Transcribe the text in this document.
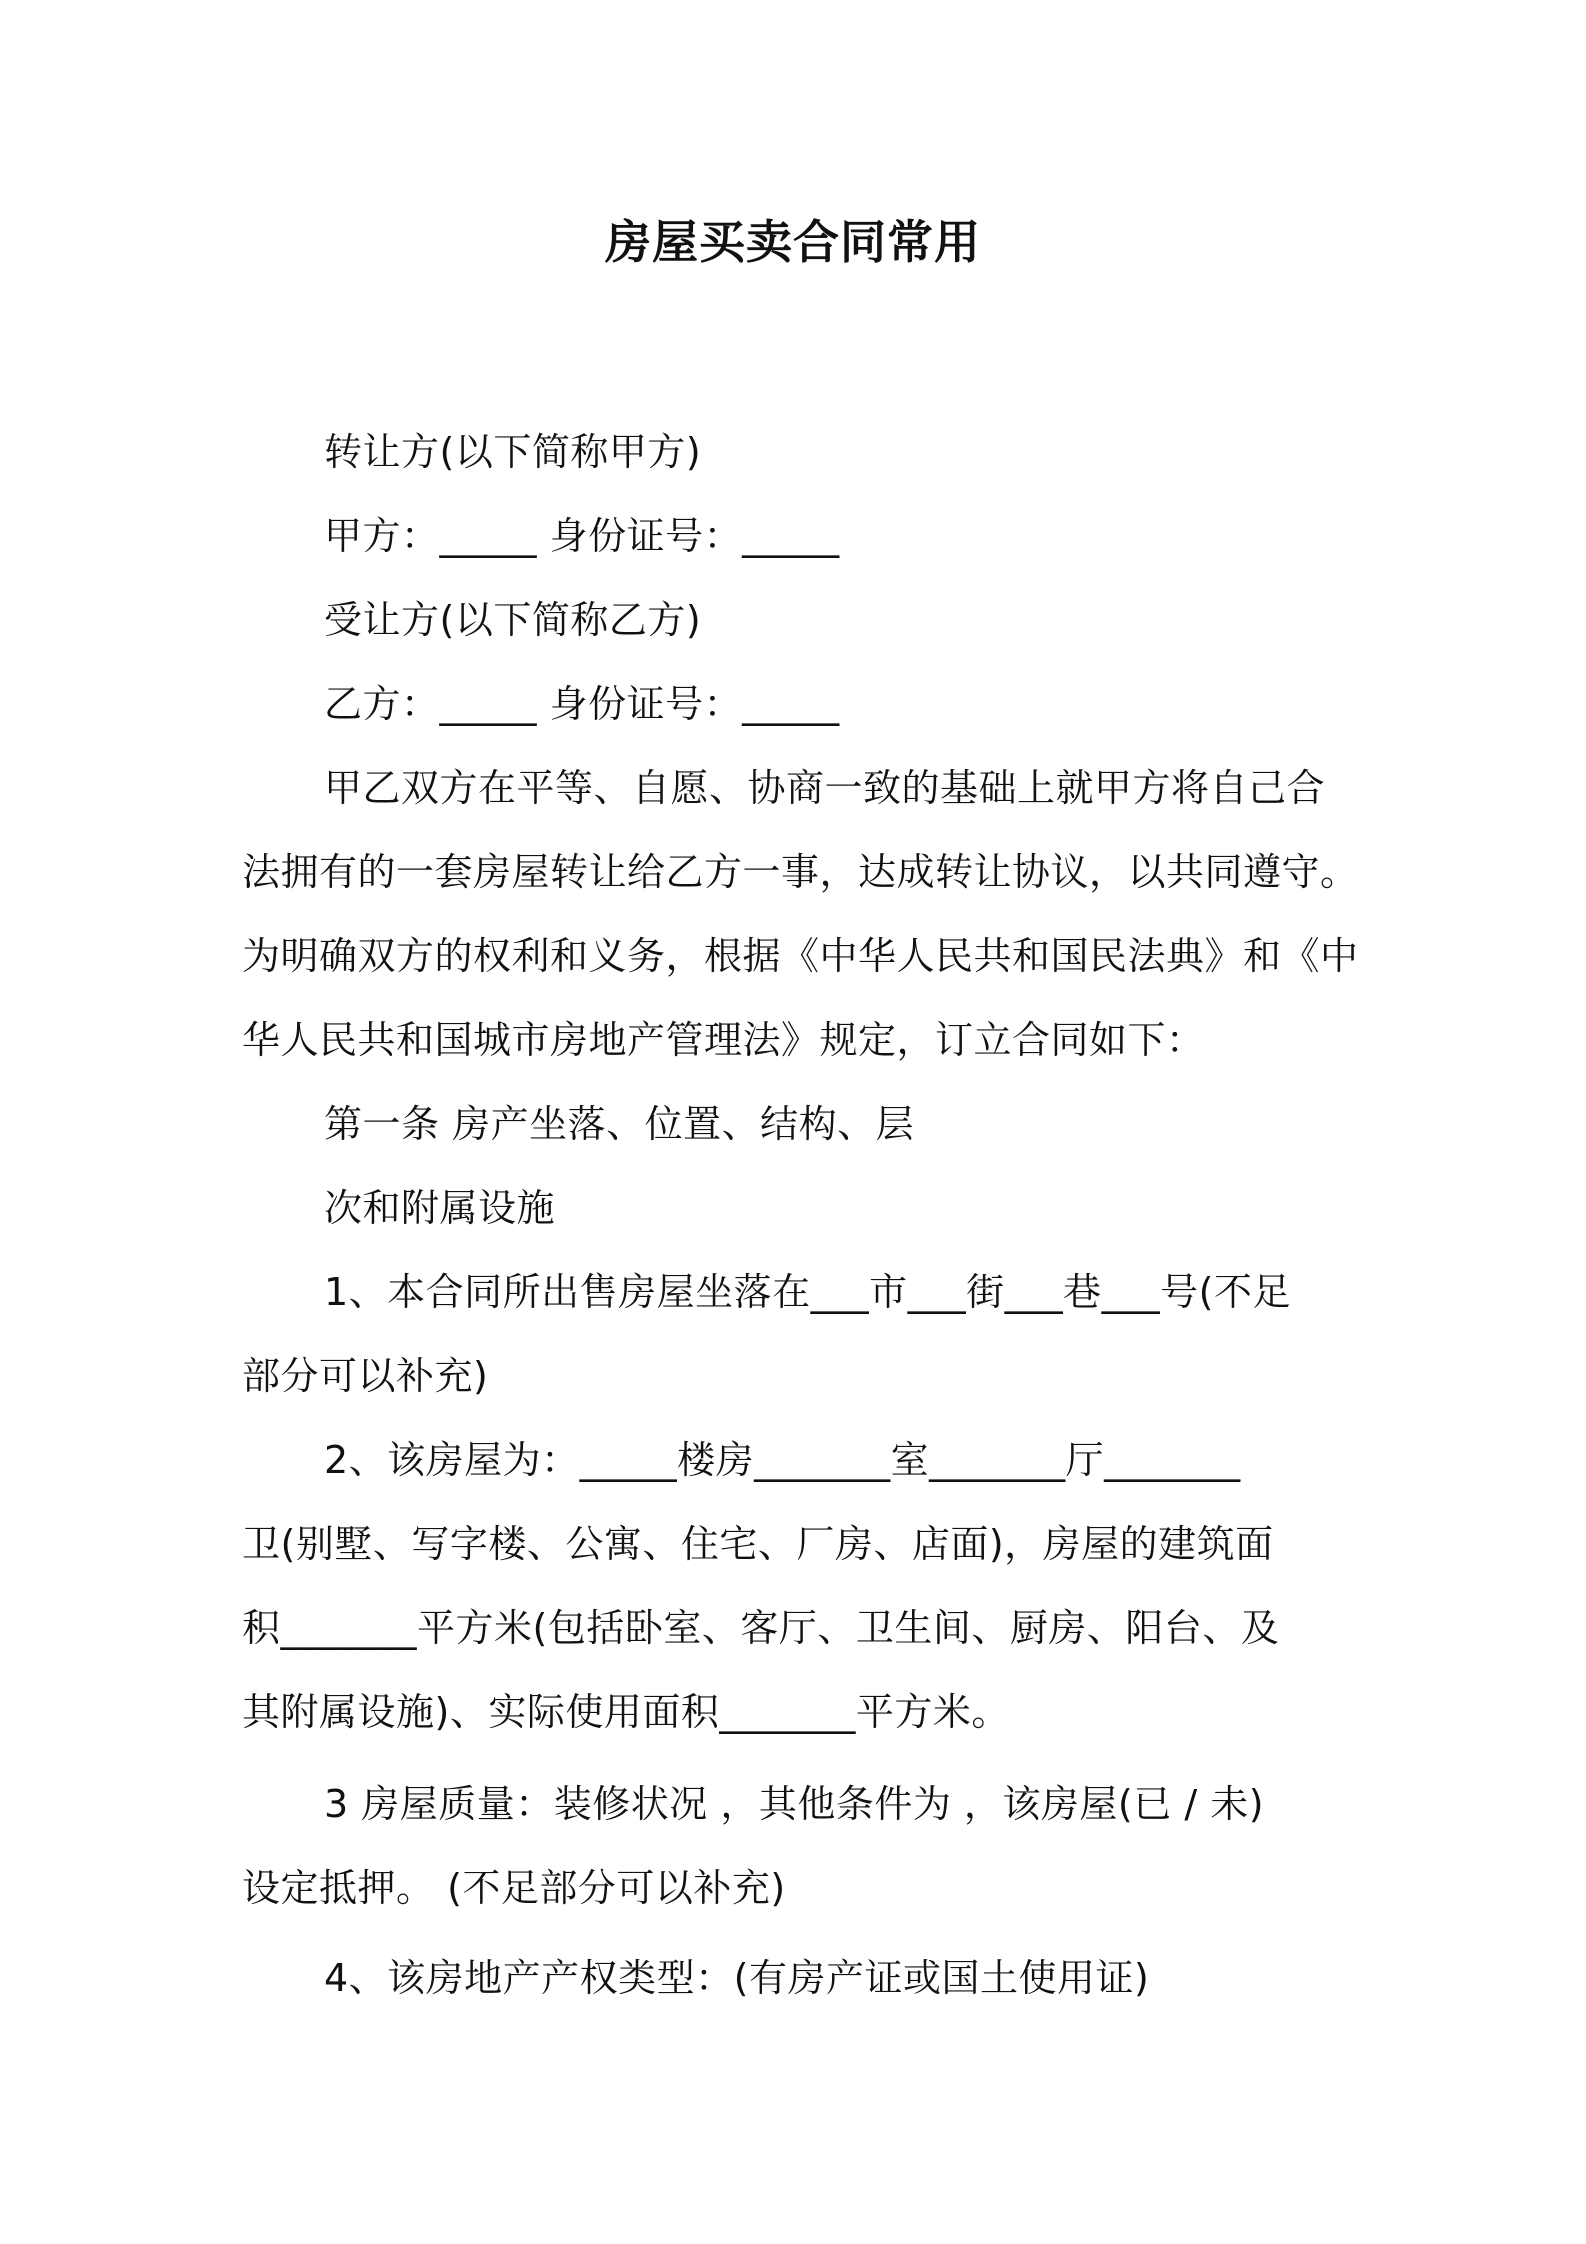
房屋买卖合同常用
转让方(以下简称甲方)
甲方：_____ 身份证号：_____
受让方(以下简称乙方)
乙方：_____ 身份证号：_____
甲乙双方在平等、自愿、协商一致的基础上就甲方将自己合
法拥有的一套房屋转让给乙方一事，达成转让协议，以共同遵守。
为明确双方的权利和义务，根据《中华人民共和国民法典》和《中
华人民共和国城市房地产管理法》规定，订立合同如下：
第一条 房产坐落、位置、结构、层
次和附属设施
1、本合同所出售房屋坐落在___市___街___巷___号(不足
部分可以补充)
2、该房屋为：_____楼房_______室_______厅_______
卫(别墅、写字楼、公寓、住宅、厂房、店面)，房屋的建筑面
积_______平方米(包括卧室、客厅、卫生间、厨房、阳台、及
其附属设施)、实际使用面积_______平方米。
3 房屋质量：装修状况 ，其他条件为 ，该房屋(已 / 未)
设定抵押。 (不足部分可以补充)
4、该房地产产权类型：(有房产证或国土使用证)
